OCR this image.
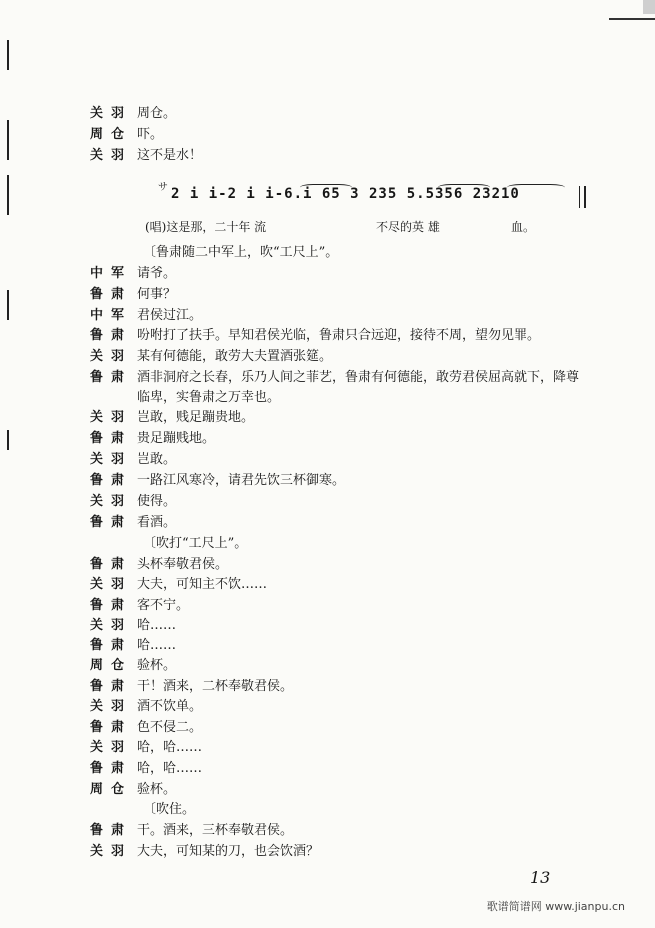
关羽 周仓。
周仓 吓。
关羽 这不是水！
$^サ$ 2 i i-2 i i-6.i 65 3 235 5.5356 23210
(唱)这是那，二十年 流	不尽的英 雄	血。
〔鲁肃随二中军上，吹“工尺上”。
中军 请爷。
鲁肃 何事？
中军 君侯过江。
鲁肃 吩咐打了扶手。早知君侯光临，鲁肃只合远迎，接待不周，望勿见罪。
关羽 某有何德能，敢劳大夫置酒张筵。
鲁肃 酒非洞府之长春，乐乃人间之菲艺，鲁肃有何德能，敢劳君侯屈高就下，降尊
临卑，实鲁肃之万幸也。
关羽 岂敢，贱足蹦贵地。
鲁肃 贵足蹦贱地。
关羽 岂敢。
鲁肃 一路江风寒冷，请君先饮三杯御寒。
关羽 使得。
鲁肃 看酒。
〔吹打“工尺上”。
鲁肃 头杯奉敬君侯。
关羽 大夫，可知主不饮……
鲁肃 客不宁。
关羽 哈……
鲁肃 哈……
周仓 验杯。
鲁肃 干！酒来，二杯奉敬君侯。
关羽 酒不饮单。
鲁肃 色不侵二。
关羽 哈，哈……
鲁肃 哈，哈……
周仓 验杯。
〔吹住。
鲁肃 干。酒来，三杯奉敬君侯。
关羽 大夫，可知某的刀，也会饮酒？
13
歌谱简谱网 www.jianpu.cn
